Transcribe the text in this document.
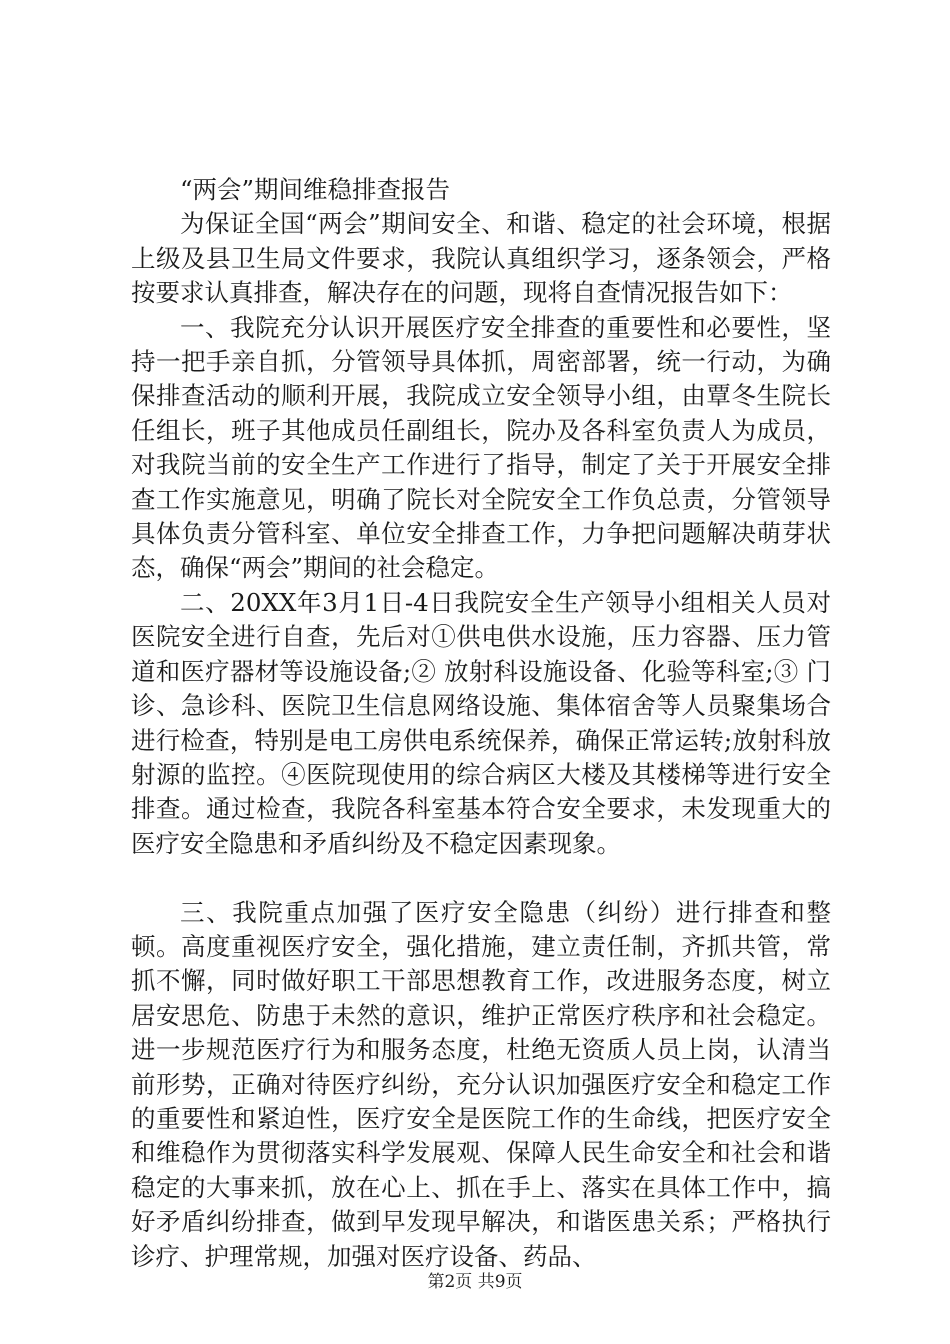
“两会”期间维稳排查报告

为保证全国“两会”期间安全、和谐、稳定的社会环境，根据上级及县卫生局文件要求，我院认真组织学习，逐条领会，严格按要求认真排查，解决存在的问题，现将自查情况报告如下：

一、我院充分认识开展医疗安全排查的重要性和必要性，坚持一把手亲自抓，分管领导具体抓，周密部署，统一行动，为确保排查活动的顺利开展，我院成立安全领导小组，由覃冬生院长任组长，班子其他成员任副组长，院办及各科室负责人为成员，对我院当前的安全生产工作进行了指导，制定了关于开展安全排查工作实施意见，明确了院长对全院安全工作负总责，分管领导具体负责分管科室、单位安全排查工作，力争把问题解决萌芽状态，确保“两会”期间的社会稳定。

二、20XX年3月1日-4日我院安全生产领导小组相关人员对医院安全进行自查，先后对①供电供水设施，压力容器、压力管道和医疗器材等设施设备;② 放射科设施设备、化验等科室;③ 门诊、急诊科、医院卫生信息网络设施、集体宿舍等人员聚集场合进行检查，特别是电工房供电系统保养，确保正常运转;放射科放射源的监控。④医院现使用的综合病区大楼及其楼梯等进行安全排查。通过检查，我院各科室基本符合安全要求，未发现重大的医疗安全隐患和矛盾纠纷及不稳定因素现象。

三、我院重点加强了医疗安全隐患（纠纷）进行排查和整顿。高度重视医疗安全，强化措施，建立责任制，齐抓共管，常抓不懈，同时做好职工干部思想教育工作，改进服务态度，树立居安思危、防患于未然的意识，维护正常医疗秩序和社会稳定。进一步规范医疗行为和服务态度，杜绝无资质人员上岗，认清当前形势，正确对待医疗纠纷，充分认识加强医疗安全和稳定工作的重要性和紧迫性，医疗安全是医院工作的生命线，把医疗安全和维稳作为贯彻落实科学发展观、保障人民生命安全和社会和谐稳定的大事来抓，放在心上、抓在手上、落实在具体工作中，搞好矛盾纠纷排查，做到早发现早解决，和谐医患关系；严格执行诊疗、护理常规，加强对医疗设备、药品、

第2页 共9页
